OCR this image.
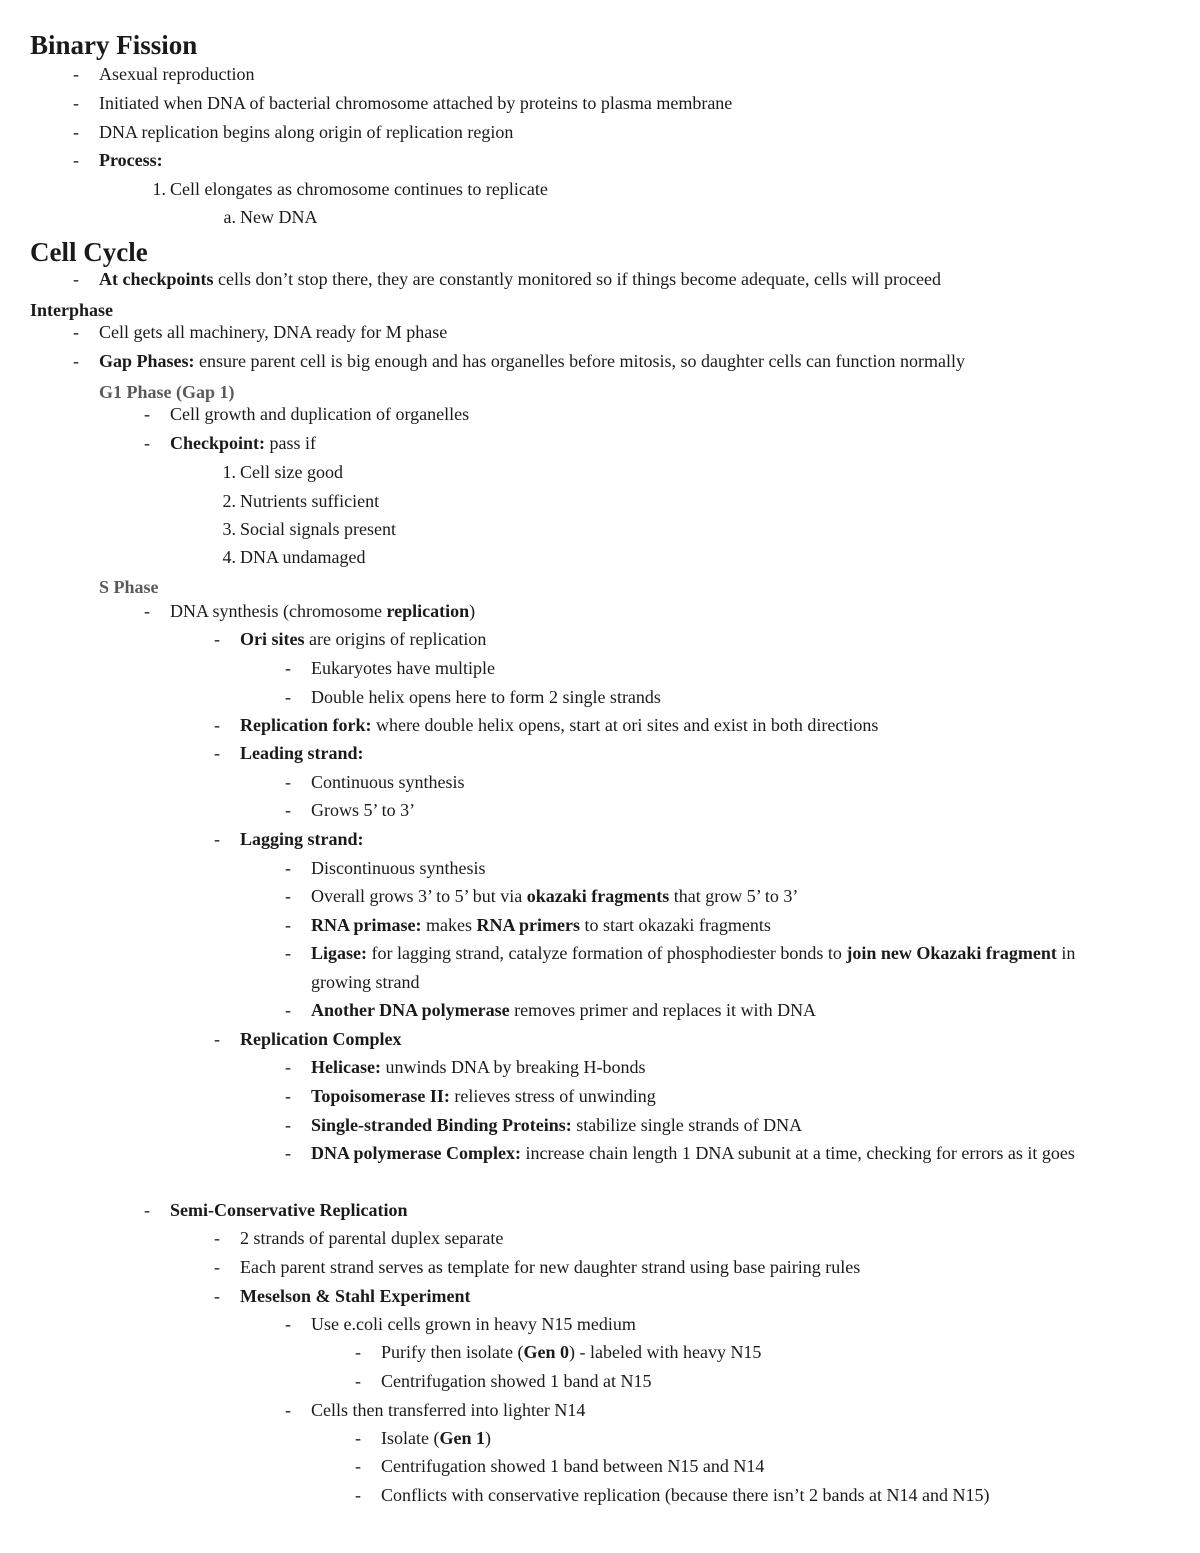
Binary Fission
-	Asexual reproduction
-	Initiated when DNA of bacterial chromosome attached by proteins to plasma membrane
-	DNA replication begins along origin of replication region
-	Process:
1. Cell elongates as chromosome continues to replicate
a. New DNA
Cell Cycle
-	At checkpoints cells don’t stop there, they are constantly monitored so if things become adequate, cells will proceed
Interphase
-	Cell gets all machinery, DNA ready for M phase
-	Gap Phases: ensure parent cell is big enough and has organelles before mitosis, so daughter cells can function normally
G1 Phase (Gap 1)
-	Cell growth and duplication of organelles
-	Checkpoint: pass if
1. Cell size good
2. Nutrients sufficient
3. Social signals present
4. DNA undamaged
S Phase
-	DNA synthesis (chromosome replication)
-	Ori sites are origins of replication
-	Eukaryotes have multiple
-	Double helix opens here to form 2 single strands
-	Replication fork: where double helix opens, start at ori sites and exist in both directions
-	Leading strand:
-	Continuous synthesis
-	Grows 5’ to 3’
-	Lagging strand:
-	Discontinuous synthesis
-	Overall grows 3’ to 5’ but via okazaki fragments that grow 5’ to 3’
-	RNA primase: makes RNA primers to start okazaki fragments
-	Ligase: for lagging strand, catalyze formation of phosphodiester bonds to join new Okazaki fragment in growing strand
-	Another DNA polymerase removes primer and replaces it with DNA
-	Replication Complex
-	Helicase: unwinds DNA by breaking H-bonds
-	Topoisomerase II: relieves stress of unwinding
-	Single-stranded Binding Proteins: stabilize single strands of DNA
-	DNA polymerase Complex: increase chain length 1 DNA subunit at a time, checking for errors as it goes
-	Semi-Conservative Replication
-	2 strands of parental duplex separate
-	Each parent strand serves as template for new daughter strand using base pairing rules
-	Meselson & Stahl Experiment
-	Use e.coli cells grown in heavy N15 medium
-	Purify then isolate (Gen 0) - labeled with heavy N15
-	Centrifugation showed 1 band at N15
-	Cells then transferred into lighter N14
-	Isolate (Gen 1)
-	Centrifugation showed 1 band between N15 and N14
-	Conflicts with conservative replication (because there isn’t 2 bands at N14 and N15)
